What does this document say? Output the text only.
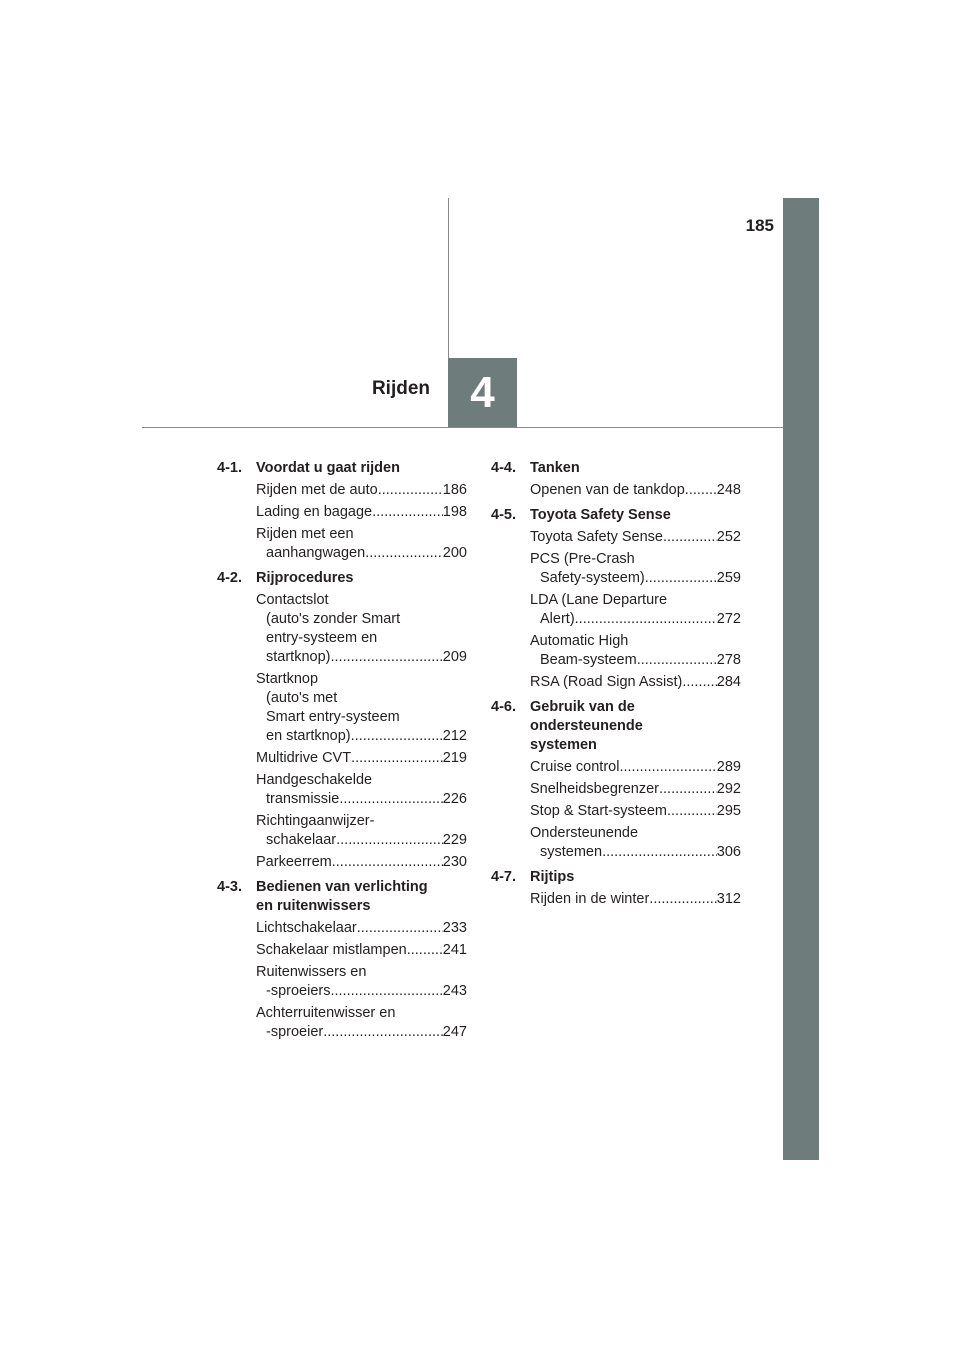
185
4
Rijden
4-1. Voordat u gaat rijden
Rijden met de auto .....	186
Lading en bagage .....	198
Rijden met een
aanhangwagen .....	200
4-2. Rijprocedures
Contactslot
(auto's zonder Smart
entry-systeem en
startknop) .....	209
Startknop
(auto's met
Smart entry-systeem
en startknop) .....	212
Multidrive CVT .....	219
Handgeschakelde
transmissie .....	226
Richtingaanwijzer-
schakelaar .....	229
Parkeerrem .....	230
4-3. Bedienen van verlichting
en ruitenwissers
Lichtschakelaar .....	233
Schakelaar mistlampen ..... 241
Ruitenwissers en
-sproeiers .....	243
Achterruitenwisser en
-sproeier .....	247
4-4. Tanken
Openen van de tankdop ..... 248
4-5. Toyota Safety Sense
Toyota Safety Sense .....	252
PCS (Pre-Crash
Safety-systeem) .....	259
LDA (Lane Departure
Alert) .....	272
Automatic High
Beam-systeem .....	278
RSA (Road Sign Assist) ..... 284
4-6. Gebruik van de
ondersteunende
systemen
Cruise control .....	289
Snelheidsbegrenzer .....	292
Stop & Start-systeem .....	295
Ondersteunende
systemen .....	306
4-7. Rijtips
Rijden in de winter .....	312
